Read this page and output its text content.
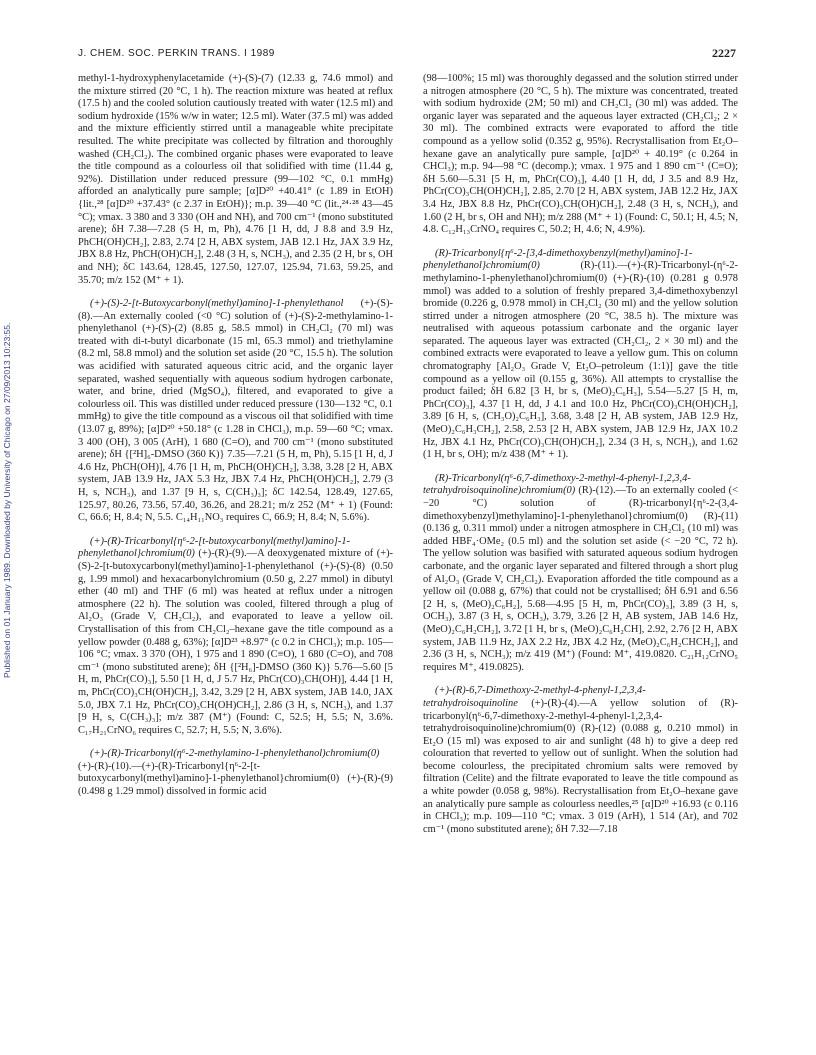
J. CHEM. SOC. PERKIN TRANS. I 1989	2227
Published on 01 January 1989. Downloaded by University of Chicago on 27/09/2013 10:23:55.

methyl-1-hydroxyphenylacetamide (+)-(S)-(7) (12.33 g, 74.6 mmol) and the mixture stirred (20 °C, 1 h). The reaction mixture was heated at reflux (17.5 h) and the cooled solution cautiously treated with water (12.5 ml) and sodium hydroxide (15% w/w in water; 12.5 ml). Water (37.5 ml) was added and the mixture efficiently stirred until a manageable white precipitate resulted. The white precipitate was collected by filtration and thoroughly washed (CH₂Cl₂). The combined organic phases were evaporated to leave the title compound as a colourless oil that solidified with time (11.44 g, 92%). Distillation under reduced pressure (99—102 °C, 0.1 mmHg) afforded an analytically pure sample; [α]D²⁰ +40.41° (c 1.89 in EtOH) {lit.,²⁸ [α]D²⁰ +37.43° (c 2.37 in EtOH)}; m.p. 39—40 °C (lit.,²⁴·²⁸ 43—45 °C); νmax. 3 380 and 3 330 (OH and NH), and 700 cm⁻¹ (mono substituted arene); δH 7.38—7.28 (5 H, m, Ph), 4.76 [1 H, dd, J 8.8 and 3.9 Hz, PhCH(OH)CH₂], 2.83, 2.74 [2 H, ABX system, JAB 12.1 Hz, JAX 3.9 Hz, JBX 8.8 Hz, PhCH(OH)CH₂], 2.48 (3 H, s, NCH₃), and 2.35 (2 H, br s, OH and NH); δC 143.64, 128.45, 127.50, 127.07, 125.94, 71.63, 59.25, and 35.70; m/z 152 (M⁺ + 1).

(+)-(S)-2-[t-Butoxycarbonyl(methyl)amino]-1-phenylethanol (+)-(S)-(8).—An externally cooled (<0 °C) solution of (+)-(S)-2-methylamino-1-phenylethanol (+)-(S)-(2) (8.85 g, 58.5 mmol) in CH₂Cl₂ (70 ml) was treated with di-t-butyl dicarbonate (15 ml, 65.3 mmol) and triethylamine (8.2 ml, 58.8 mmol) and the solution set aside (20 °C, 15.5 h). The solution was acidified with saturated aqueous citric acid, and the organic layer separated, washed sequentially with aqueous sodium hydrogen carbonate, water, and brine, dried (MgSO₄), filtered, and evaporated to give a colourless oil. This was distilled under reduced pressure (130—132 °C, 0.1 mmHg) to give the title compound as a viscous oil that solidified with time (13.07 g, 89%); [α]D²⁰ +50.18° (c 1.28 in CHCl₃), m.p. 59—60 °C; νmax. 3 400 (OH), 3 005 (ArH), 1 680 (C=O), and 700 cm⁻¹ (mono substituted arene); δH {[²H]₆-DMSO (360 K)} 7.35—7.21 (5 H, m, Ph), 5.15 [1 H, d, J 4.6 Hz, PhCH(OH)], 4.76 [1 H, m, PhCH(OH)CH₂], 3.38, 3.28 [2 H, ABX system, JAB 13.9 Hz, JAX 5.3 Hz, JBX 7.4 Hz, PhCH(OH)CH₂], 2.79 (3 H, s, NCH₃), and 1.37 [9 H, s, C(CH₃)₃]; δC 142.54, 128.49, 127.65, 125.97, 80.26, 73.56, 57.40, 36.26, and 28.21; m/z 252 (M⁺ + 1) (Found: C, 66.6; H, 8.4; N, 5.5. C₁₄H₁₁NO₃ requires C, 66.9; H, 8.4; N, 5.6%).

(+)-(R)-Tricarbonyl{η⁶-2-[t-butoxycarbonyl(methyl)amino]-1-phenylethanol}chromium(0) (+)-(R)-(9).—A deoxygenated mixture of (+)-(S)-2-[t-butoxycarbonyl(methyl)amino]-1-phenylethanol (+)-(S)-(8) (0.50 g, 1.99 mmol) and hexacarbonylchromium (0.50 g, 2.27 mmol) in dibutyl ether (40 ml) and THF (6 ml) was heated at reflux under a nitrogen atmosphere (22 h). The solution was cooled, filtered through a plug of Al₂O₃ (Grade V, CH₂Cl₂), and evaporated to leave a yellow oil. Crystallisation of this from CH₂Cl₂–hexane gave the title compound as a yellow powder (0.488 g, 63%); [α]D²³ +8.97° (c 0.2 in CHCl₃); m.p. 105—106 °C; νmax. 3 370 (OH), 1 975 and 1 890 (C≡O), 1 680 (C=O), and 708 cm⁻¹ (mono substituted arene); δH {[²H₆]-DMSO (360 K)} 5.76—5.60 [5 H, m, PhCr(CO)₃], 5.50 [1 H, d, J 5.7 Hz, PhCr(CO)₃CH(OH)], 4.44 [1 H, m, PhCr(CO)₃CH(OH)CH₂], 3.42, 3.29 [2 H, ABX system, JAB 14.0, JAX 5.0, JBX 7.1 Hz, PhCr(CO)₃CH(OH)CH₂], 2.86 (3 H, s, NCH₃), and 1.37 [9 H, s, C(CH₃)₃]; m/z 387 (M⁺) (Found: C, 52.5; H, 5.5; N, 3.6%. C₁₇H₂₁CrNO₆ requires C, 52.7; H, 5.5; N, 3.6%).

(+)-(R)-Tricarbonyl(η⁶-2-methylamino-1-phenylethanol)chromium(0) (+)-(R)-(10).—(+)-(R)-Tricarbonyl{η⁶-2-[t-butoxycarbonyl(methyl)amino]-1-phenylethanol}chromium(0) (+)-(R)-(9) (0.498 g 1.29 mmol) dissolved in formic acid

(98—100%; 15 ml) was thoroughly degassed and the solution stirred under a nitrogen atmosphere (20 °C, 5 h). The mixture was concentrated, treated with sodium hydroxide (2M; 50 ml) and CH₂Cl₂ (30 ml) was added. The organic layer was separated and the aqueous layer extracted (CH₂Cl₂; 2 × 30 ml). The combined extracts were evaporated to afford the title compound as a yellow solid (0.352 g, 95%). Recrystallisation from Et₂O–hexane gave an analytically pure sample, [α]D²⁰ + 40.19° (c 0.264 in CHCl₃); m.p. 94—98 °C (decomp.); νmax. 1 975 and 1 890 cm⁻¹ (C≡O); δH 5.60—5.31 [5 H, m, PhCr(CO)₃], 4.40 [1 H, dd, J 3.5 and 8.9 Hz, PhCr(CO)₃CH(OH)CH₂], 2.85, 2.70 [2 H, ABX system, JAB 12.2 Hz, JAX 3.4 Hz, JBX 8.8 Hz, PhCr(CO)₃CH(OH)CH₂], 2.48 (3 H, s, NCH₃), and 1.60 (2 H, br s, OH and NH); m/z 288 (M⁺ + 1) (Found: C, 50.1; H, 4.5; N, 4.8. C₁₂H₁₃CrNO₄ requires C, 50.2; H, 4.6; N, 4.9%).

(R)-Tricarbonyl{η⁶-2-[3,4-dimethoxybenzyl(methyl)amino]-1-phenylethanol}chromium(0) (R)-(11).—(+)-(R)-Tricarbonyl-(η⁶-2-methylamino-1-phenylethanol)chromium(0) (+)-(R)-(10) (0.281 g 0.978 mmol) was added to a solution of freshly prepared 3,4-dimethoxybenzyl bromide (0.226 g, 0.978 mmol) in CH₂Cl₂ (30 ml) and the yellow solution stirred under a nitrogen atmosphere (20 °C, 38.5 h). The mixture was neutralised with aqueous potassium carbonate and the organic layer separated. The aqueous layer was extracted (CH₂Cl₂, 2 × 30 ml) and the combined extracts were evaporated to leave a yellow gum. This on column chromatography [Al₂O₃ Grade V, Et₂O–petroleum (1:1)] gave the title compound as a yellow oil (0.155 g, 36%). All attempts to crystallise the product failed; δH 6.82 [3 H, br s, (MeO)₂C₆H₃], 5.54—5.27 [5 H, m, PhCr(CO)₃], 4.37 [1 H, dd, J 4.1 and 10.0 Hz, PhCr(CO)₃CH(OH)CH₂], 3.89 [6 H, s, (CH₃O)₂C₆H₃], 3.68, 3.48 [2 H, AB system, JAB 12.9 Hz, (MeO)₂C₆H₃CH₂], 2.58, 2.53 [2 H, ABX system, JAB 12.9 Hz, JAX 10.2 Hz, JBX 4.1 Hz, PhCr(CO)₃CH(OH)CH₂], 2.34 (3 H, s, NCH₃), and 1.62 (1 H, br s, OH); m/z 438 (M⁺ + 1).

(R)-Tricarbonyl(η⁶-6,7-dimethoxy-2-methyl-4-phenyl-1,2,3,4-tetrahydroisoquinoline)chromium(0) (R)-(12).—To an externally cooled (< −20 °C) solution of (R)-tricarbonyl{η⁶-2-(3,4-dimethoxybenzyl)methylamino]-1-phenylethanol}chromium(0) (R)-(11) (0.136 g, 0.311 mmol) under a nitrogen atmosphere in CH₂Cl₂ (10 ml) was added HBF₄·OMe₂ (0.5 ml) and the solution set aside (< −20 °C, 72 h). The yellow solution was basified with saturated aqueous sodium hydrogen carbonate, and the organic layer separated and filtered through a short plug of Al₂O₃ (Grade V, CH₂Cl₂). Evaporation afforded the title compound as a yellow oil (0.088 g, 67%) that could not be crystallised; δH 6.91 and 6.56 [2 H, s, (MeO)₂C₆H₂], 5.68—4.95 [5 H, m, PhCr(CO)₃], 3.89 (3 H, s, OCH₃), 3.87 (3 H, s, OCH₃), 3.79, 3.26 [2 H, AB system, JAB 14.6 Hz, (MeO)₂C₆H₂CH₂], 3.72 [1 H, br s, (MeO)₂C₆H₂CH], 2.92, 2.76 [2 H, ABX system, JAB 11.9 Hz, JAX 2.2 Hz, JBX 4.2 Hz, (MeO)₂C₆H₂CHCH₂], and 2.36 (3 H, s, NCH₃); m/z 419 (M⁺) (Found: M⁺, 419.0820. C₂₁H₁₂CrNO₅ requires M⁺, 419.0825).

(+)-(R)-6,7-Dimethoxy-2-methyl-4-phenyl-1,2,3,4-tetrahydroisoquinoline (+)-(R)-(4).—A yellow solution of (R)-tricarbonyl(η⁶-6,7-dimethoxy-2-methyl-4-phenyl-1,2,3,4-tetrahydroisoquinoline)chromium(0) (R)-(12) (0.088 g, 0.210 mmol) in Et₂O (15 ml) was exposed to air and sunlight (48 h) to give a deep red colouration that reverted to yellow out of sunlight. When the solution had become colourless, the precipitated chromium salts were removed by filtration (Celite) and the filtrate evaporated to leave the title compound as a white powder (0.058 g, 98%). Recrystallisation from Et₂O–hexane gave an analytically pure sample as colourless needles,²⁵ [α]D²⁰ +16.93 (c 0.116 in CHCl₃); m.p. 109—110 °C; νmax. 3 019 (ArH), 1 514 (Ar), and 702 cm⁻¹ (mono substituted arene); δH 7.32—7.18
